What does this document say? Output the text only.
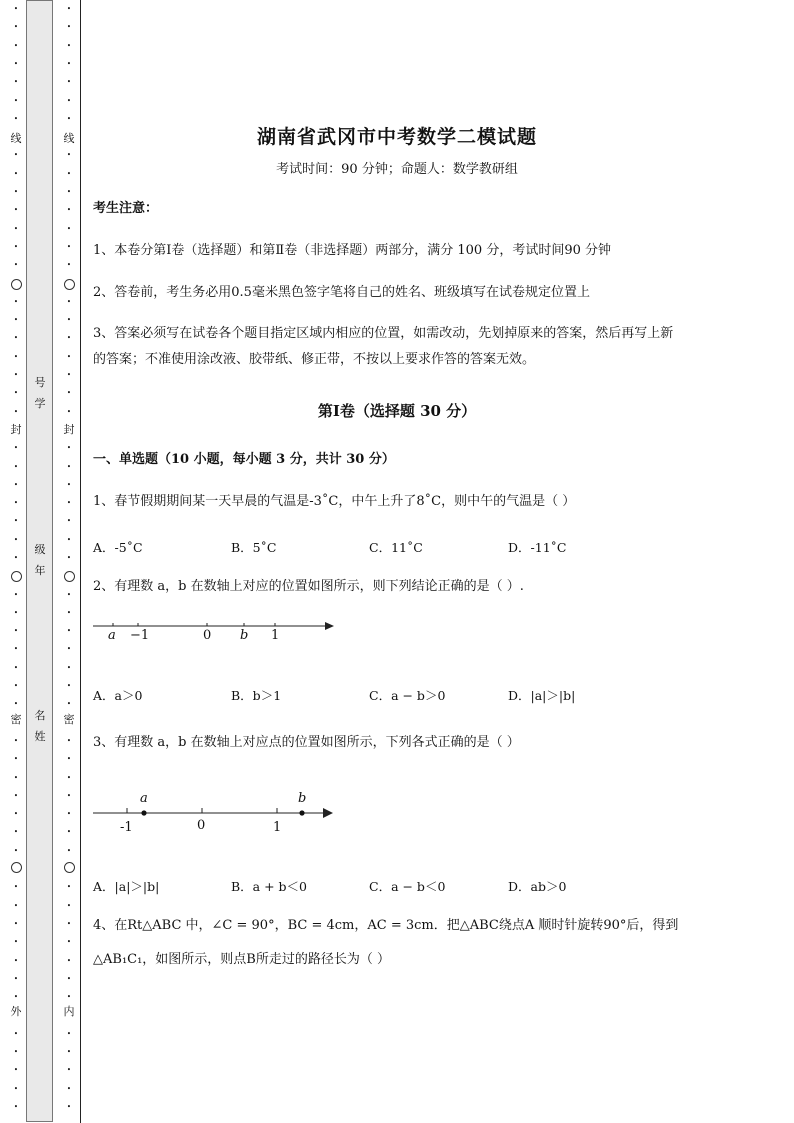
线
封
密
外
•
•
•
•
•
•
•
•
•
•
•
•
•
•
•
•
•
•
•
•
•
•
•
•
•
•
•
•
•
•
•
•
•
•
•
•
•
•
•
•
•
•
•
•
•
•
•
•
•
•
•
•
•
•
线
封
密
内
•
•
•
•
•
•
•
•
•
•
•
•
•
•
•
•
•
•
•
•
•
•
•
•
•
•
•
•
•
•
•
•
•
•
•
•
•
•
•
•
•
•
•
•
•
•
•
•
•
•
•
•
•
•
号
学
级
年
名
姓
湖南省武冈市中考数学二模试题
考试时间：90 分钟；命题人：数学教研组
考生注意：
1、本卷分第Ⅰ卷（选择题）和第Ⅱ卷（非选择题）两部分，满分 100 分，考试时间90 分钟
2、答卷前，考生务必用0.5毫米黑色签字笔将自己的姓名、班级填写在试卷规定位置上
3、答案必须写在试卷各个题目指定区域内相应的位置，如需改动，先划掉原来的答案，然后再写上新
的答案；不准使用涂改液、胶带纸、修正带，不按以上要求作答的答案无效。
第Ⅰ卷（选择题 30 分）
一、单选题（10 小题，每小题 3 分，共计 30 分）
1、春节假期期间某一天早晨的气温是-3˚C，中午上升了8˚C，则中午的气温是（ ）
A．-5˚C	B．5˚C	C．11˚C	D．-11˚C
2、有理数 a，b 在数轴上对应的位置如图所示，则下列结论正确的是（ ）.
a −1	0 b 1
A．a＞0	B．b＞1	C．a − b＞0	D．|a|＞|b|
3、有理数 a，b 在数轴上对应点的位置如图所示，下列各式正确的是（ ）
a	b
-1	0	1
A．|a|＞|b|	B．a + b＜0	C．a − b＜0	D．ab＞0
4、在Rt△ABC 中，∠C = 90°，BC = 4cm，AC = 3cm．把△ABC绕点A 顺时针旋转90°后，得到
△AB₁C₁，如图所示，则点B所走过的路径长为（ ）
